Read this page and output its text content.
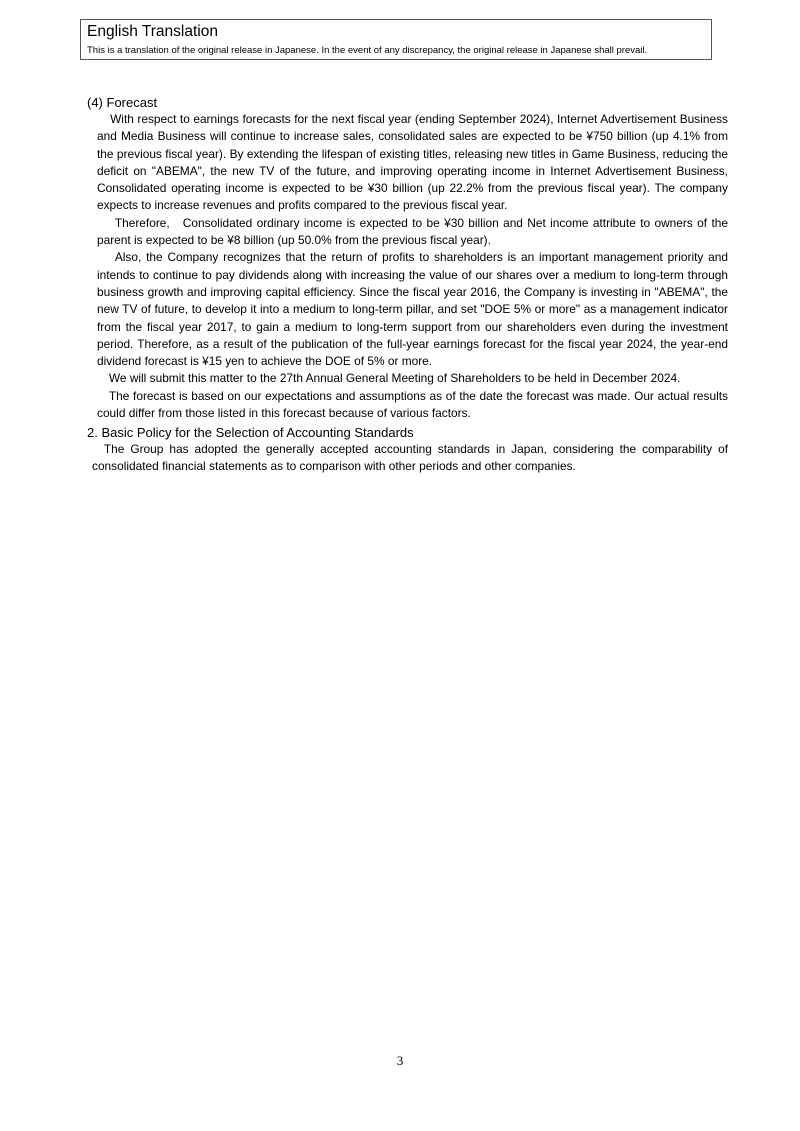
English Translation
This is a translation of the original release in Japanese. In the event of any discrepancy, the original release in Japanese shall prevail.
(4) Forecast

With respect to earnings forecasts for the next fiscal year (ending September 2024), Internet Advertisement Business and Media Business will continue to increase sales, consolidated sales are expected to be ¥750 billion (up 4.1% from the previous fiscal year). By extending the lifespan of existing titles, releasing new titles in Game Business, reducing the deficit on "ABEMA", the new TV of the future, and improving operating income in Internet Advertisement Business, Consolidated operating income is expected to be ¥30 billion (up 22.2% from the previous fiscal year). The company expects to increase revenues and profits compared to the previous fiscal year.

Therefore,   Consolidated ordinary income is expected to be ¥30 billion and Net income attribute to owners of the parent is expected to be ¥8 billion (up 50.0% from the previous fiscal year).

Also, the Company recognizes that the return of profits to shareholders is an important management priority and intends to continue to pay dividends along with increasing the value of our shares over a medium to long-term through business growth and improving capital efficiency. Since the fiscal year 2016, the Company is investing in "ABEMA", the new TV of future, to develop it into a medium to long-term pillar, and set "DOE 5% or more" as a management indicator from the fiscal year 2017, to gain a medium to long-term support from our shareholders even during the investment period. Therefore, as a result of the publication of the full-year earnings forecast for the fiscal year 2024, the year-end dividend forecast is ¥15 yen to achieve the DOE of 5% or more.

We will submit this matter to the 27th Annual General Meeting of Shareholders to be held in December 2024.

The forecast is based on our expectations and assumptions as of the date the forecast was made. Our actual results could differ from those listed in this forecast because of various factors.

2. Basic Policy for the Selection of Accounting Standards

The Group has adopted the generally accepted accounting standards in Japan, considering the comparability of consolidated financial statements as to comparison with other periods and other companies.

3
